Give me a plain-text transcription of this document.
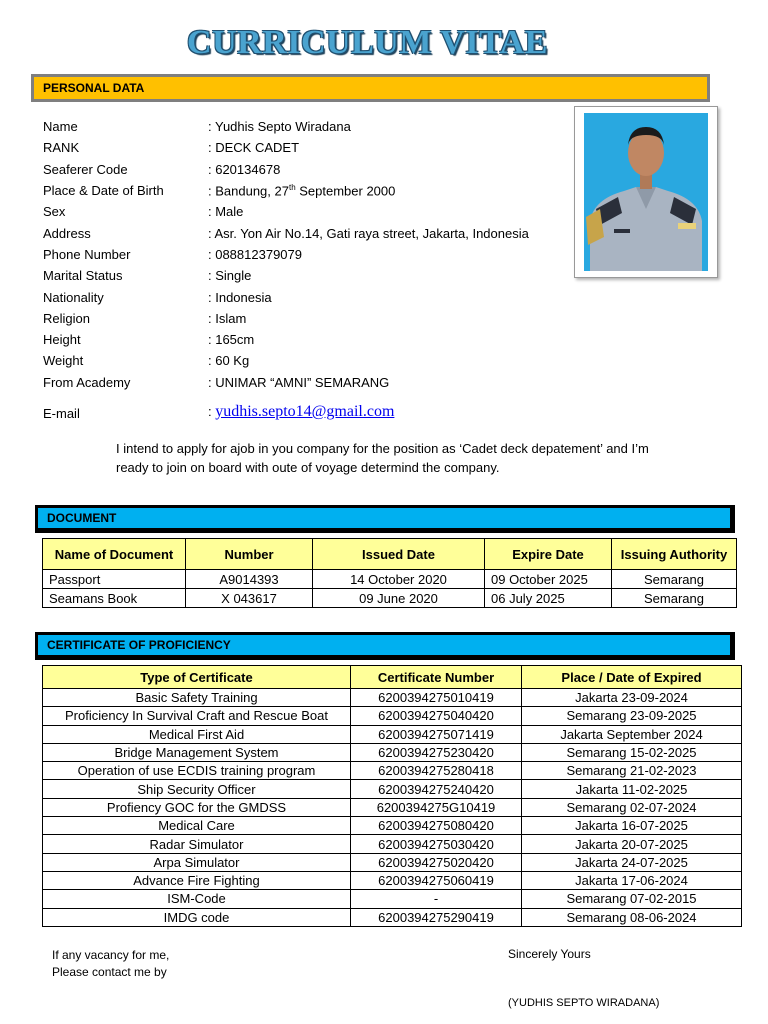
CURRICULUM VITAE
PERSONAL DATA
Name	: Yudhis Septo Wiradana
RANK	: DECK CADET
Seaferer Code	: 620134678
Place & Date of Birth	: Bandung, 27th September 2000
Sex	: Male
Address	: Asr. Yon Air No.14, Gati raya street, Jakarta, Indonesia
Phone Number	: 088812379079
Marital Status	: Single
Nationality	: Indonesia
Religion	: Islam
Height	: 165cm
Weight	: 60 Kg
From Academy	: UNIMAR “AMNI” SEMARANG
E-mail	: yudhis.septo14@gmail.com
I intend to apply for ajob in you company for the position as ‘Cadet deck depatement’ and I’m ready to join on board with oute of voyage determind the company.
DOCUMENT
Name of Document	Number	Issued Date	Expire Date	Issuing Authority
Passport	A9014393	14 October 2020	09 October 2025	Semarang
Seamans Book	X 043617	09 June 2020	06 July 2025	Semarang
CERTIFICATE OF PROFICIENCY
Type of Certificate	Certificate Number	Place / Date of Expired
Basic Safety Training	6200394275010419	Jakarta 23-09-2024
Proficiency In Survival Craft and Rescue Boat	6200394275040420	Semarang 23-09-2025
Medical First Aid	6200394275071419	Jakarta September 2024
Bridge Management System	6200394275230420	Semarang 15-02-2025
Operation of use ECDIS training program	6200394275280418	Semarang 21-02-2023
Ship Security Officer	6200394275240420	Jakarta 11-02-2025
Profiency GOC for the GMDSS	6200394275G10419	Semarang 02-07-2024
Medical Care	6200394275080420	Jakarta 16-07-2025
Radar Simulator	6200394275030420	Jakarta 20-07-2025
Arpa Simulator	6200394275020420	Jakarta 24-07-2025
Advance Fire Fighting	6200394275060419	Jakarta 17-06-2024
ISM-Code	-	Semarang 07-02-2015
IMDG code	6200394275290419	Semarang 08-06-2024
If any vacancy for me,
Please contact me by
Sincerely Yours
(YUDHIS SEPTO WIRADANA)
